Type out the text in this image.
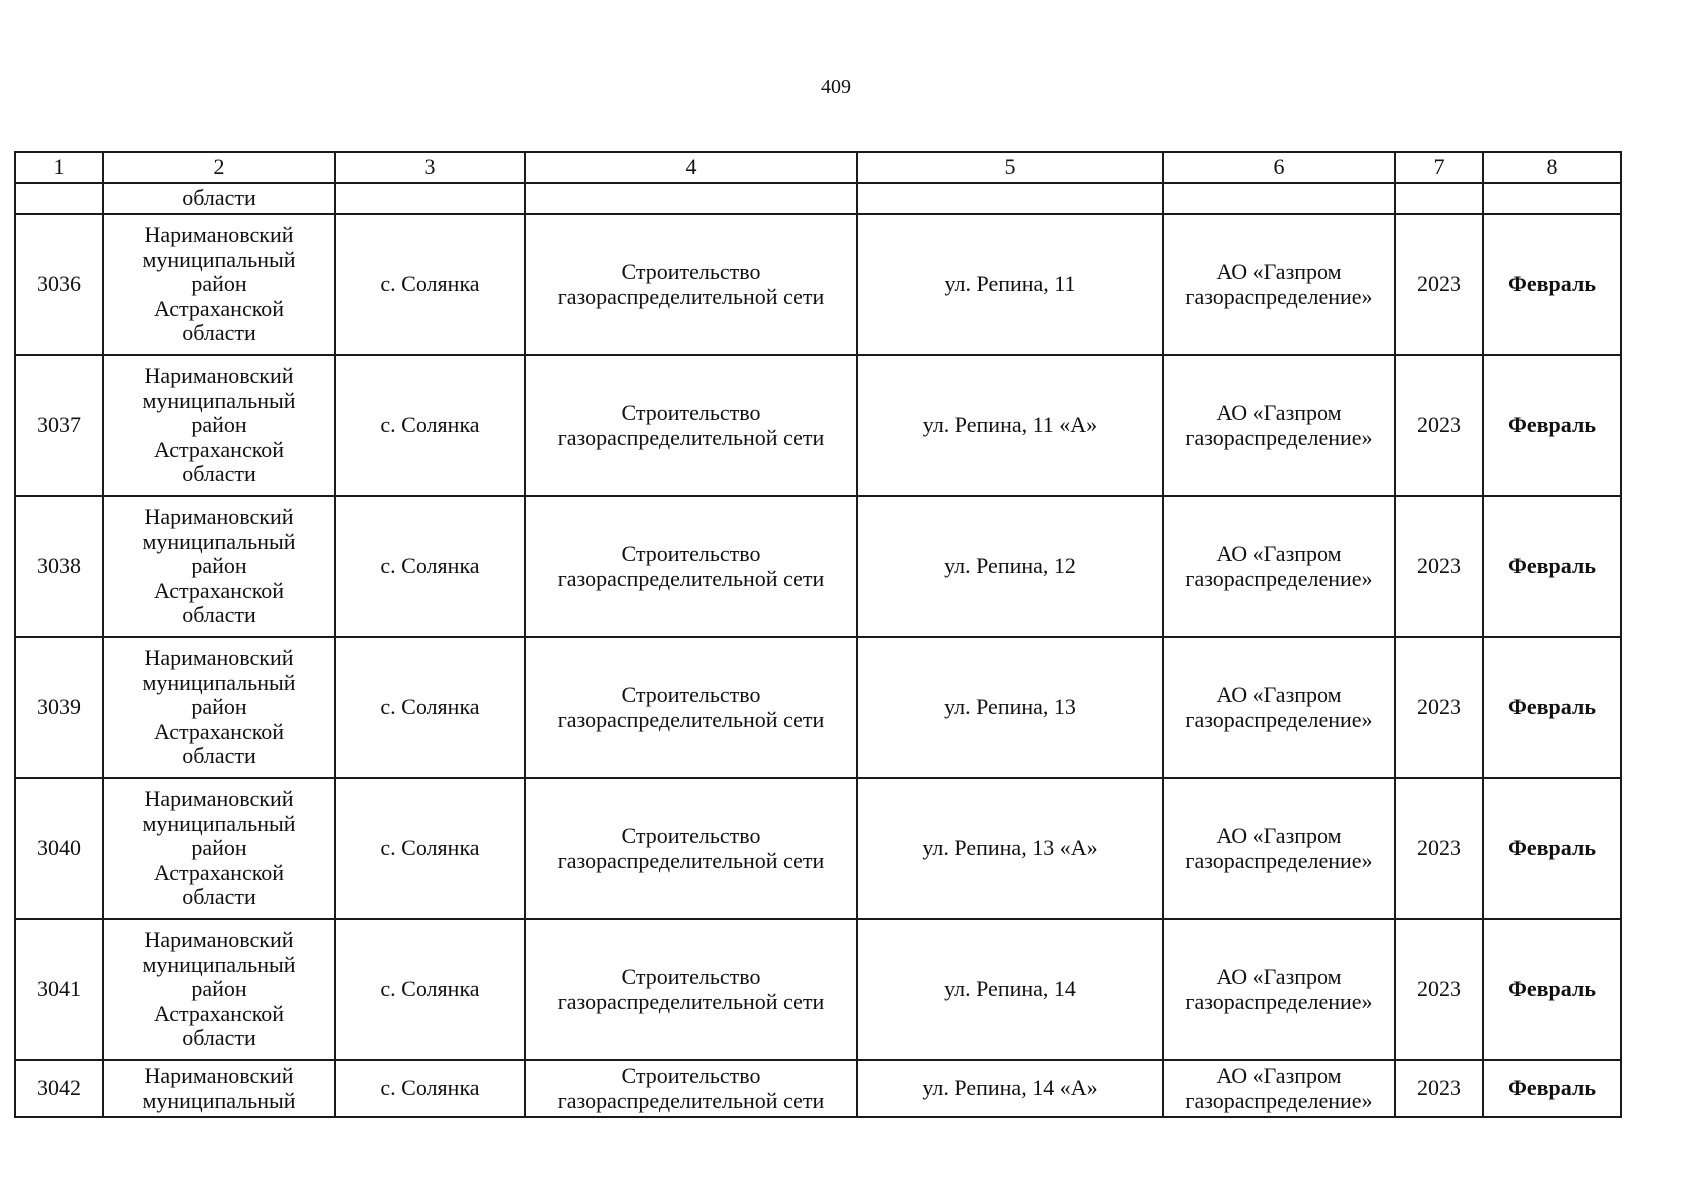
409
1	2	3	4	5	6	7	8
	области						
3036	Наримановский
муниципальный
район
Астраханской
области	с. Солянка	Строительство газораспределительной сети	ул. Репина, 11	АО «Газпром газораспределение»	2023	Февраль
3037	Наримановский
муниципальный
район
Астраханской
области	с. Солянка	Строительство газораспределительной сети	ул. Репина, 11 «А»	АО «Газпром газораспределение»	2023	Февраль
3038	Наримановский
муниципальный
район
Астраханской
области	с. Солянка	Строительство газораспределительной сети	ул. Репина, 12	АО «Газпром газораспределение»	2023	Февраль
3039	Наримановский
муниципальный
район
Астраханской
области	с. Солянка	Строительство газораспределительной сети	ул. Репина, 13	АО «Газпром газораспределение»	2023	Февраль
3040	Наримановский
муниципальный
район
Астраханской
области	с. Солянка	Строительство газораспределительной сети	ул. Репина, 13 «А»	АО «Газпром газораспределение»	2023	Февраль
3041	Наримановский
муниципальный
район
Астраханской
области	с. Солянка	Строительство газораспределительной сети	ул. Репина, 14	АО «Газпром газораспределение»	2023	Февраль
3042	Наримановский
муниципальный	с. Солянка	Строительство газораспределительной сети	ул. Репина, 14 «А»	АО «Газпром газораспределение»	2023	Февраль
